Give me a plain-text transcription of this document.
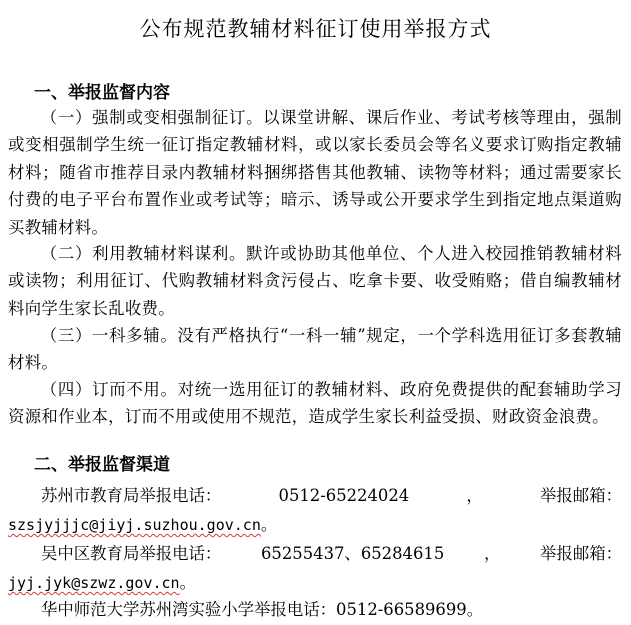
公布规范教辅材料征订使用举报方式
一、举报监督内容
（一）强制或变相强制征订。以课堂讲解、课后作业、考试考核等理由，强制或变相强制学生统一征订指定教辅材料，或以家长委员会等名义要求订购指定教辅材料；随省市推荐目录内教辅材料捆绑搭售其他教辅、读物等材料；通过需要家长付费的电子平台布置作业或考试等；暗示、诱导或公开要求学生到指定地点渠道购买教辅材料。
（二）利用教辅材料谋利。默许或协助其他单位、个人进入校园推销教辅材料或读物；利用征订、代购教辅材料贪污侵占、吃拿卡要、收受贿赂；借自编教辅材料向学生家长乱收费。
（三）一科多辅。没有严格执行“一科一辅”规定，一个学科选用征订多套教辅材料。
（四）订而不用。对统一选用征订的教辅材料、政府免费提供的配套辅助学习资源和作业本，订而不用或使用不规范，造成学生家长利益受损、财政资金浪费。
二、举报监督渠道
苏州市教育局举报电话：	0512-65224024	，	举报邮箱：
szsjyjjjc@jiyj.suzhou.gov.cn。
吴中区教育局举报电话： 65255437、65284615 ， 举报邮箱：
jyj.jyk@szwz.gov.cn。
华中师范大学苏州湾实验小学举报电话：0512-66589699。
